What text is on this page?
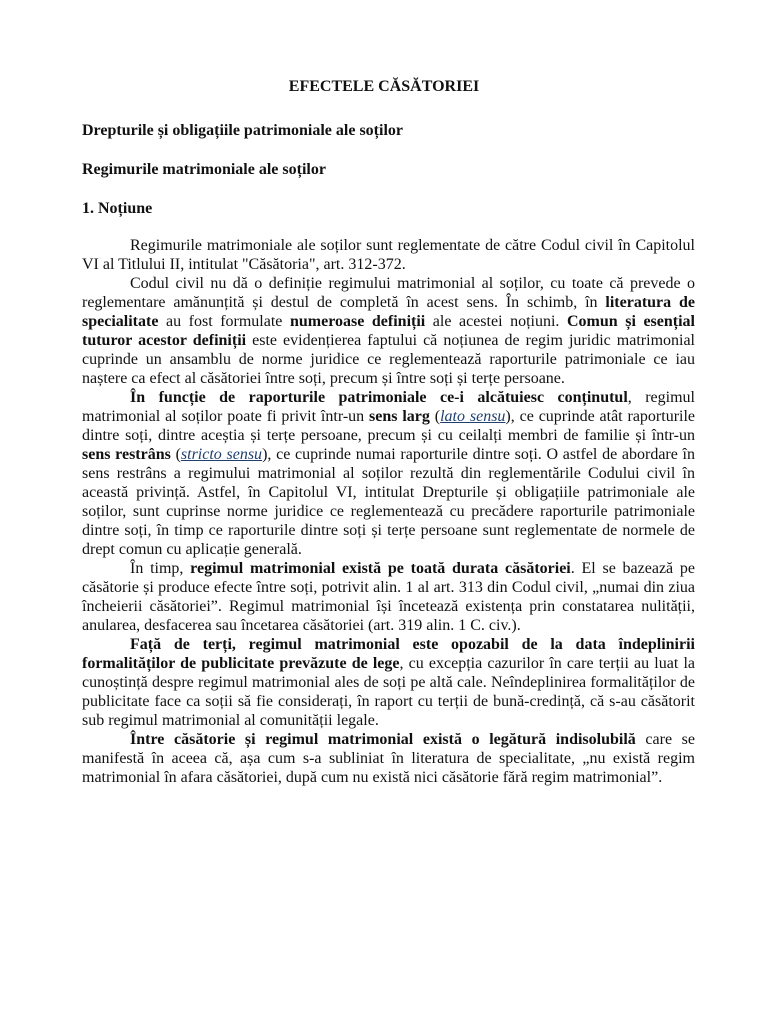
EFECTELE CĂSĂTORIEI
Drepturile și obligațiile patrimoniale ale soților
Regimurile matrimoniale ale soților
1. Noțiune

Regimurile matrimoniale ale soților sunt reglementate de către Codul civil în Capitolul VI al Titlului II, intitulat "Căsătoria", art. 312-372.

Codul civil nu dă o definiție regimului matrimonial al soților, cu toate că prevede o reglementare amănunțită și destul de completă în acest sens. În schimb, în literatura de specialitate au fost formulate numeroase definiții ale acestei noțiuni. Comun și esențial tuturor acestor definiții este evidențierea faptului că noțiunea de regim juridic matrimonial cuprinde un ansamblu de norme juridice ce reglementează raporturile patrimoniale ce iau naștere ca efect al căsătoriei între soți, precum și între soți și terțe persoane.

În funcție de raporturile patrimoniale ce-i alcătuiesc conținutul, regimul matrimonial al soților poate fi privit într-un sens larg (lato sensu), ce cuprinde atât raporturile dintre soți, dintre aceștia și terțe persoane, precum și cu ceilalți membri de familie și într-un sens restrâns (stricto sensu), ce cuprinde numai raporturile dintre soți. O astfel de abordare în sens restrâns a regimului matrimonial al soților rezultă din reglementările Codului civil în această privință. Astfel, în Capitolul VI, intitulat Drepturile și obligațiile patrimoniale ale soților, sunt cuprinse norme juridice ce reglementează cu precădere raporturile patrimoniale dintre soți, în timp ce raporturile dintre soți și terțe persoane sunt reglementate de normele de drept comun cu aplicație generală.

În timp, regimul matrimonial există pe toată durata căsătoriei. El se bazează pe căsătorie și produce efecte între soți, potrivit alin. 1 al art. 313 din Codul civil, „numai din ziua încheierii căsătoriei”. Regimul matrimonial își încetează existența prin constatarea nulității, anularea, desfacerea sau încetarea căsătoriei (art. 319 alin. 1 C. civ.).

Față de terți, regimul matrimonial este opozabil de la data îndeplinirii formalităților de publicitate prevăzute de lege, cu excepția cazurilor în care terții au luat la cunoștință despre regimul matrimonial ales de soți pe altă cale. Neîndeplinirea formalităților de publicitate face ca soții să fie considerați, în raport cu terții de bună-credință, că s-au căsătorit sub regimul matrimonial al comunității legale.

Între căsătorie și regimul matrimonial există o legătură indisolubilă care se manifestă în aceea că, așa cum s-a subliniat în literatura de specialitate, „nu există regim matrimonial în afara căsătoriei, după cum nu există nici căsătorie fără regim matrimonial”.
